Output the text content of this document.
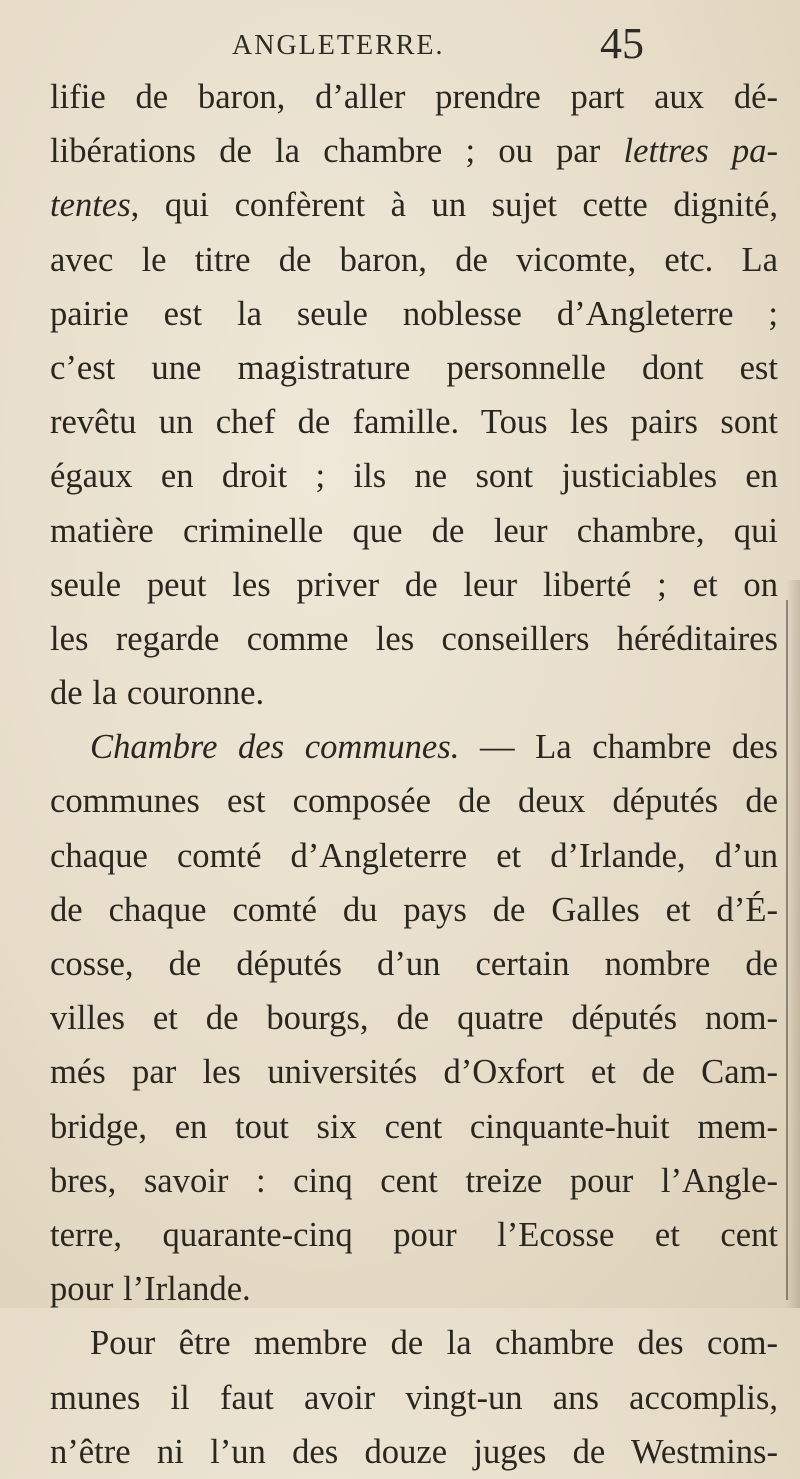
ANGLETERRE.	45
lifie de baron, d’aller prendre part aux dé-
libérations de la chambre ; ou par lettres pa-
tentes, qui confèrent à un sujet cette dignité,
avec le titre de baron, de vicomte, etc. La
pairie est la seule noblesse d’Angleterre ;
c’est une magistrature personnelle dont est
revêtu un chef de famille. Tous les pairs sont
égaux en droit ; ils ne sont justiciables en
matière criminelle que de leur chambre, qui
seule peut les priver de leur liberté ; et on
les regarde comme les conseillers héréditaires
de la couronne.
Chambre des communes. — La chambre des
communes est composée de deux députés de
chaque comté d’Angleterre et d’Irlande, d’un
de chaque comté du pays de Galles et d’É-
cosse, de députés d’un certain nombre de
villes et de bourgs, de quatre députés nom-
més par les universités d’Oxfort et de Cam-
bridge, en tout six cent cinquante-huit mem-
bres, savoir : cinq cent treize pour l’Angle-
terre, quarante-cinq pour l’Ecosse et cent
pour l’Irlande.
Pour être membre de la chambre des com-
munes il faut avoir vingt-un ans accomplis,
n’être ni l’un des douze juges de Westmins-
